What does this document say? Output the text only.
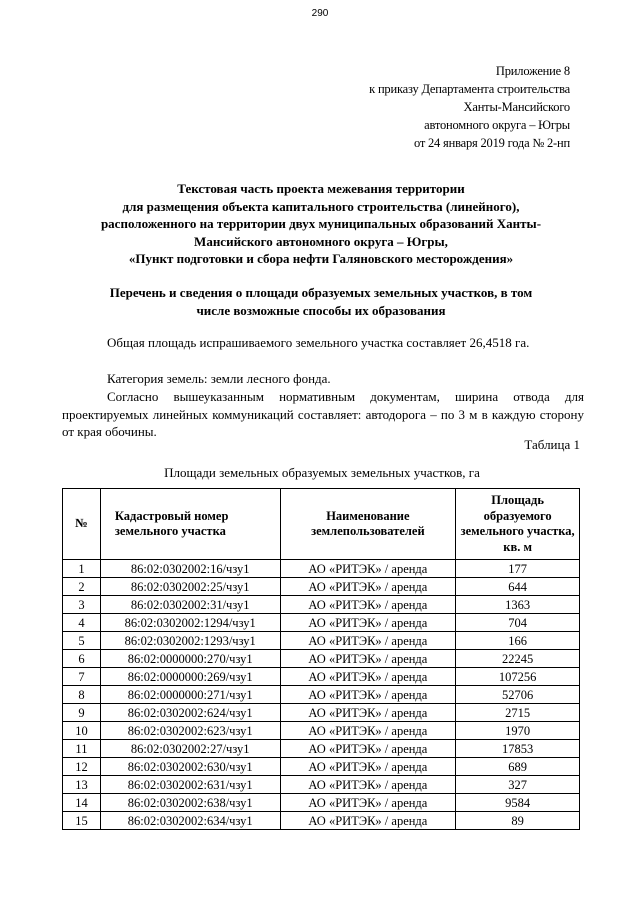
290
Приложение 8
к приказу Департамента строительства
Ханты-Мансийского
автономного округа – Югры
от 24 января 2019 года № 2-нп
Текстовая часть проекта межевания территории
для размещения объекта капитального строительства (линейного),
расположенного на территории двух муниципальных образований Ханты-
Мансийского автономного округа – Югры,
«Пункт подготовки и сбора нефти Галяновского месторождения»
Перечень и сведения о площади образуемых земельных участков, в том
числе возможные способы их образования
Общая площадь испрашиваемого земельного участка составляет 26,4518 га.
Категория земель: земли лесного фонда.
Согласно вышеуказанным нормативным документам, ширина отвода для проектируемых линейных коммуникаций составляет: автодорога – по 3 м в каждую сторону от края обочины.
Таблица 1
Площади земельных образуемых земельных участков, га
№	Кадастровый номер земельного участка	Наименование землепользователей	Площадь образуемого земельного участка, кв. м
1	86:02:0302002:16/чзу1	АО «РИТЭК» / аренда	177
2	86:02:0302002:25/чзу1	АО «РИТЭК» / аренда	644
3	86:02:0302002:31/чзу1	АО «РИТЭК» / аренда	1363
4	86:02:0302002:1294/чзу1	АО «РИТЭК» / аренда	704
5	86:02:0302002:1293/чзу1	АО «РИТЭК» / аренда	166
6	86:02:0000000:270/чзу1	АО «РИТЭК» / аренда	22245
7	86:02:0000000:269/чзу1	АО «РИТЭК» / аренда	107256
8	86:02:0000000:271/чзу1	АО «РИТЭК» / аренда	52706
9	86:02:0302002:624/чзу1	АО «РИТЭК» / аренда	2715
10	86:02:0302002:623/чзу1	АО «РИТЭК» / аренда	1970
11	86:02:0302002:27/чзу1	АО «РИТЭК» / аренда	17853
12	86:02:0302002:630/чзу1	АО «РИТЭК» / аренда	689
13	86:02:0302002:631/чзу1	АО «РИТЭК» / аренда	327
14	86:02:0302002:638/чзу1	АО «РИТЭК» / аренда	9584
15	86:02:0302002:634/чзу1	АО «РИТЭК» / аренда	89
